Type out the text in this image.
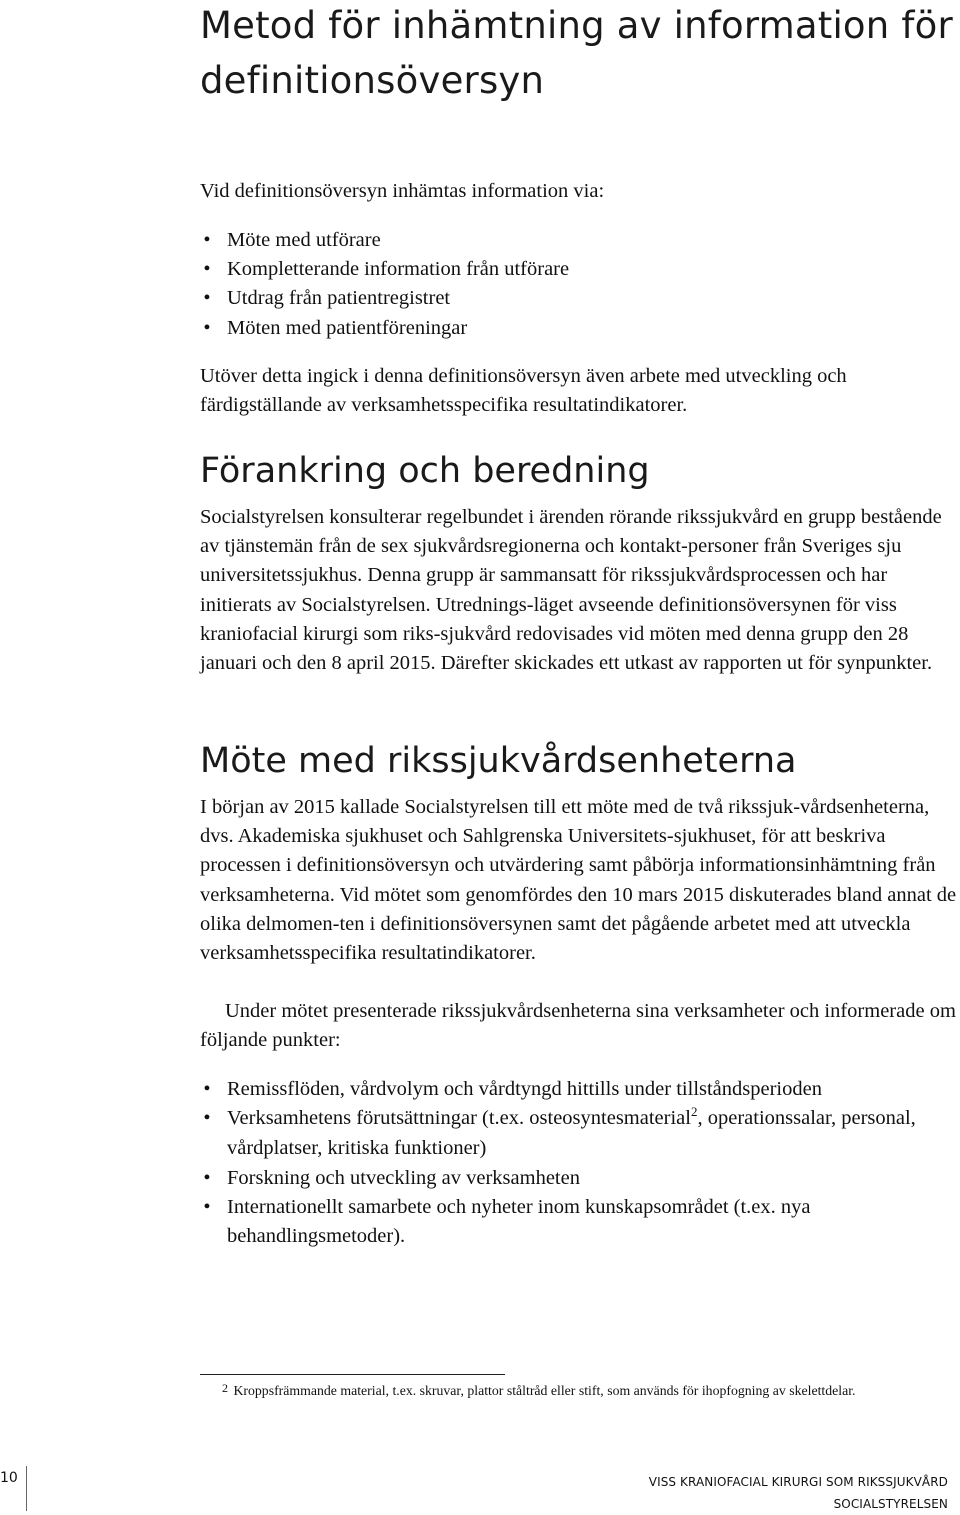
Metod för inhämtning av information för definitionsöversyn

Vid definitionsöversyn inhämtas information via:

• Möte med utförare
• Kompletterande information från utförare
• Utdrag från patientregistret
• Möten med patientföreningar

Utöver detta ingick i denna definitionsöversyn även arbete med utveckling och färdigställande av verksamhetsspecifika resultatindikatorer.

Förankring och beredning

Socialstyrelsen konsulterar regelbundet i ärenden rörande rikssjukvård en grupp bestående av tjänstemän från de sex sjukvårdsregionerna och kontakt-personer från Sveriges sju universitetssjukhus. Denna grupp är sammansatt för rikssjukvårdsprocessen och har initierats av Socialstyrelsen. Utrednings-läget avseende definitionsöversynen för viss kraniofacial kirurgi som riks-sjukvård redovisades vid möten med denna grupp den 28 januari och den 8 april 2015. Därefter skickades ett utkast av rapporten ut för synpunkter.

Möte med rikssjukvårdsenheterna

I början av 2015 kallade Socialstyrelsen till ett möte med de två rikssjuk-vårdsenheterna, dvs. Akademiska sjukhuset och Sahlgrenska Universitets-sjukhuset, för att beskriva processen i definitionsöversyn och utvärdering samt påbörja informationsinhämtning från verksamheterna. Vid mötet som genomfördes den 10 mars 2015 diskuterades bland annat de olika delmomen-ten i definitionsöversynen samt det pågående arbetet med att utveckla verksamhetsspecifika resultatindikatorer.

Under mötet presenterade rikssjukvårdsenheterna sina verksamheter och informerade om följande punkter:

• Remissflöden, vårdvolym och vårdtyngd hittills under tillståndsperioden
• Verksamhetens förutsättningar (t.ex. osteosyntesmaterial$^2$, operationssalar, personal, vårdplatser, kritiska funktioner)
• Forskning och utveckling av verksamheten
• Internationellt samarbete och nyheter inom kunskapsområdet (t.ex. nya behandlingsmetoder).
$^2$ Kroppsfrämmande material, t.ex. skruvar, plattor ståltråd eller stift, som används för ihopfogning av skelettdelar.
10	VISS KRANIOFACIAL KIRURGI SOM RIKSSJUKVÅRD
SOCIALSTYRELSEN
